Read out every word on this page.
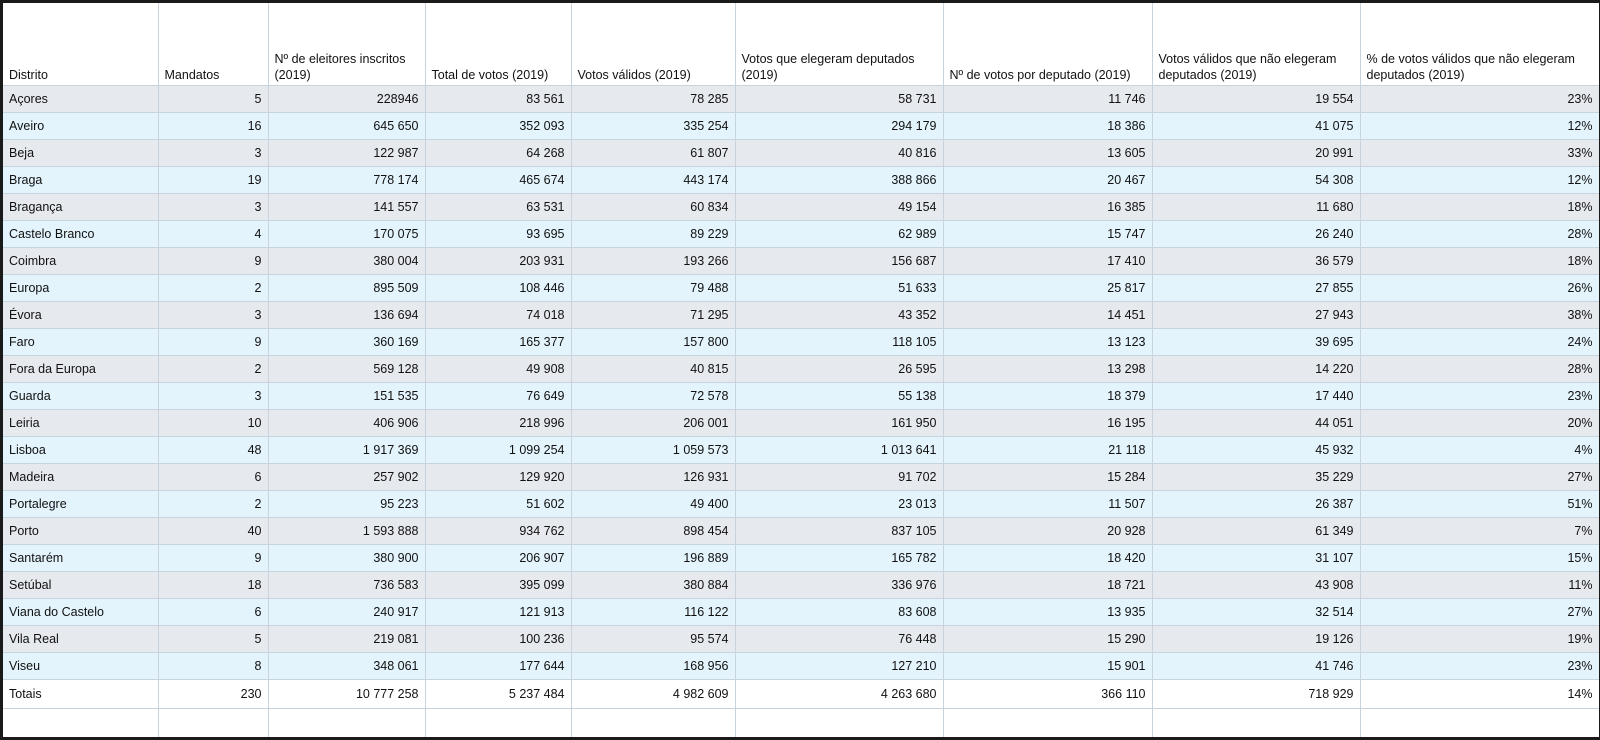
Distrito	Mandatos	Nº de eleitores inscritos (2019)	Total de votos (2019)	Votos válidos (2019)	Votos que elegeram deputados (2019)	Nº de votos por deputado (2019)	Votos válidos que não elegeram deputados (2019)	% de votos válidos que não elegeram deputados (2019)
Açores	5	228946	83 561	78 285	58 731	11 746	19 554	23%
Aveiro	16	645 650	352 093	335 254	294 179	18 386	41 075	12%
Beja	3	122 987	64 268	61 807	40 816	13 605	20 991	33%
Braga	19	778 174	465 674	443 174	388 866	20 467	54 308	12%
Bragança	3	141 557	63 531	60 834	49 154	16 385	11 680	18%
Castelo Branco	4	170 075	93 695	89 229	62 989	15 747	26 240	28%
Coimbra	9	380 004	203 931	193 266	156 687	17 410	36 579	18%
Europa	2	895 509	108 446	79 488	51 633	25 817	27 855	26%
Évora	3	136 694	74 018	71 295	43 352	14 451	27 943	38%
Faro	9	360 169	165 377	157 800	118 105	13 123	39 695	24%
Fora da Europa	2	569 128	49 908	40 815	26 595	13 298	14 220	28%
Guarda	3	151 535	76 649	72 578	55 138	18 379	17 440	23%
Leiria	10	406 906	218 996	206 001	161 950	16 195	44 051	20%
Lisboa	48	1 917 369	1 099 254	1 059 573	1 013 641	21 118	45 932	4%
Madeira	6	257 902	129 920	126 931	91 702	15 284	35 229	27%
Portalegre	2	95 223	51 602	49 400	23 013	11 507	26 387	51%
Porto	40	1 593 888	934 762	898 454	837 105	20 928	61 349	7%
Santarém	9	380 900	206 907	196 889	165 782	18 420	31 107	15%
Setúbal	18	736 583	395 099	380 884	336 976	18 721	43 908	11%
Viana do Castelo	6	240 917	121 913	116 122	83 608	13 935	32 514	27%
Vila Real	5	219 081	100 236	95 574	76 448	15 290	19 126	19%
Viseu	8	348 061	177 644	168 956	127 210	15 901	41 746	23%
Totais	230	10 777 258	5 237 484	4 982 609	4 263 680	366 110	718 929	14%
